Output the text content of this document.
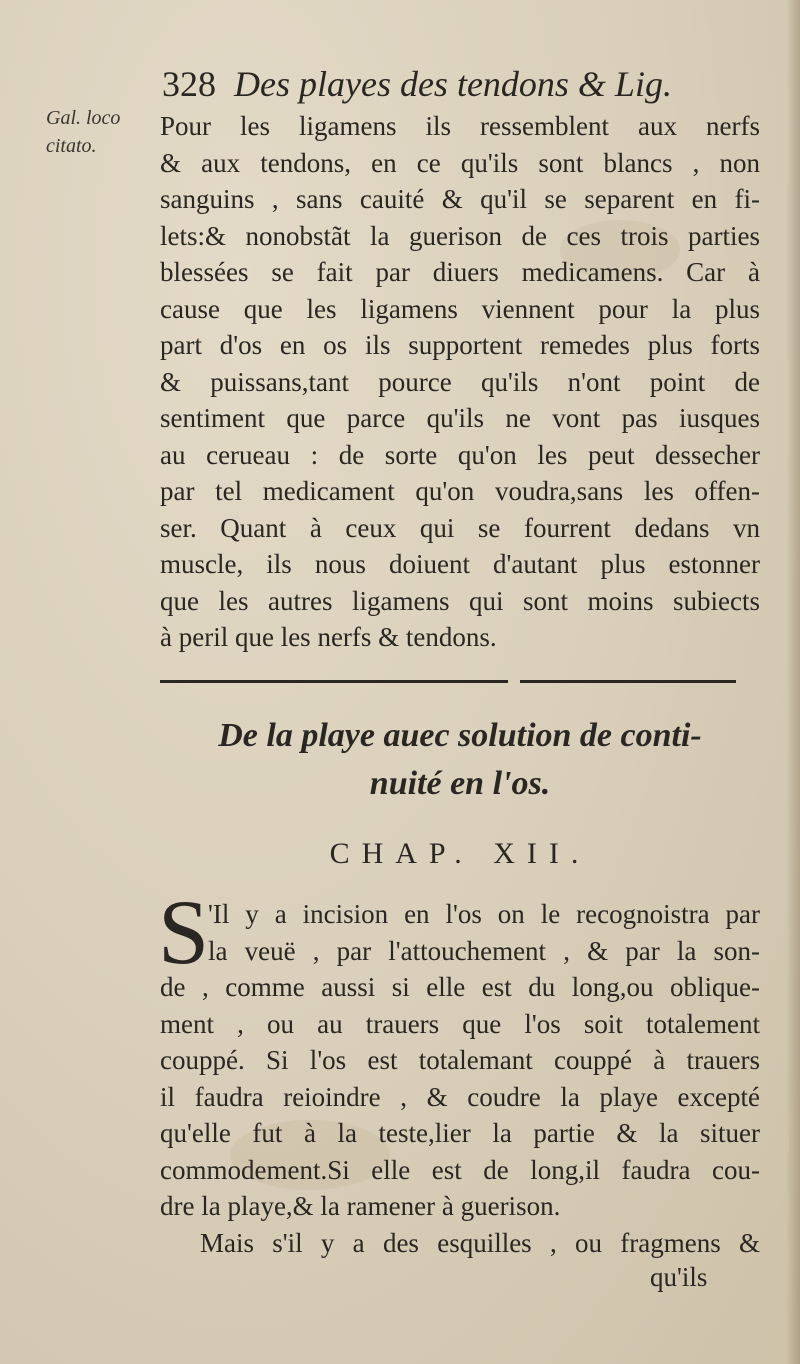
328 Des playes des tendons & Lig.
Gal. loco
citato.
Pour les ligamens ils ressemblent aux nerfs
& aux tendons, en ce qu'ils sont blancs , non
sanguins , sans cauité & qu'il se separent en fi-
lets:& nonobstãt la guerison de ces trois parties
blessées se fait par diuers medicamens. Car à
cause que les ligamens viennent pour la plus
part d'os en os ils supportent remedes plus forts
& puissans,tant pource qu'ils n'ont point de
sentiment que parce qu'ils ne vont pas iusques
au cerueau : de sorte qu'on les peut dessecher
par tel medicament qu'on voudra,sans les offen-
ser. Quant à ceux qui se fourrent dedans vn
muscle, ils nous doiuent d'autant plus estonner
que les autres ligamens qui sont moins subiects
à peril que les nerfs & tendons.
De la playe auec solution de conti-
nuité en l'os.
CHAP. XII.
S
'Il y a incision en l'os on le recognoistra par
la veuë , par l'attouchement , & par la son-
de , comme aussi si elle est du long,ou oblique-
ment , ou au trauers que l'os soit totalement
couppé. Si l'os est totalemant couppé à trauers
il faudra reioindre , & coudre la playe excepté
qu'elle fut à la teste,lier la partie & la situer
commodement.Si elle est de long,il faudra cou-
dre la playe,& la ramener à guerison.
Mais s'il y a des esquilles , ou fragmens &
qu'ils
